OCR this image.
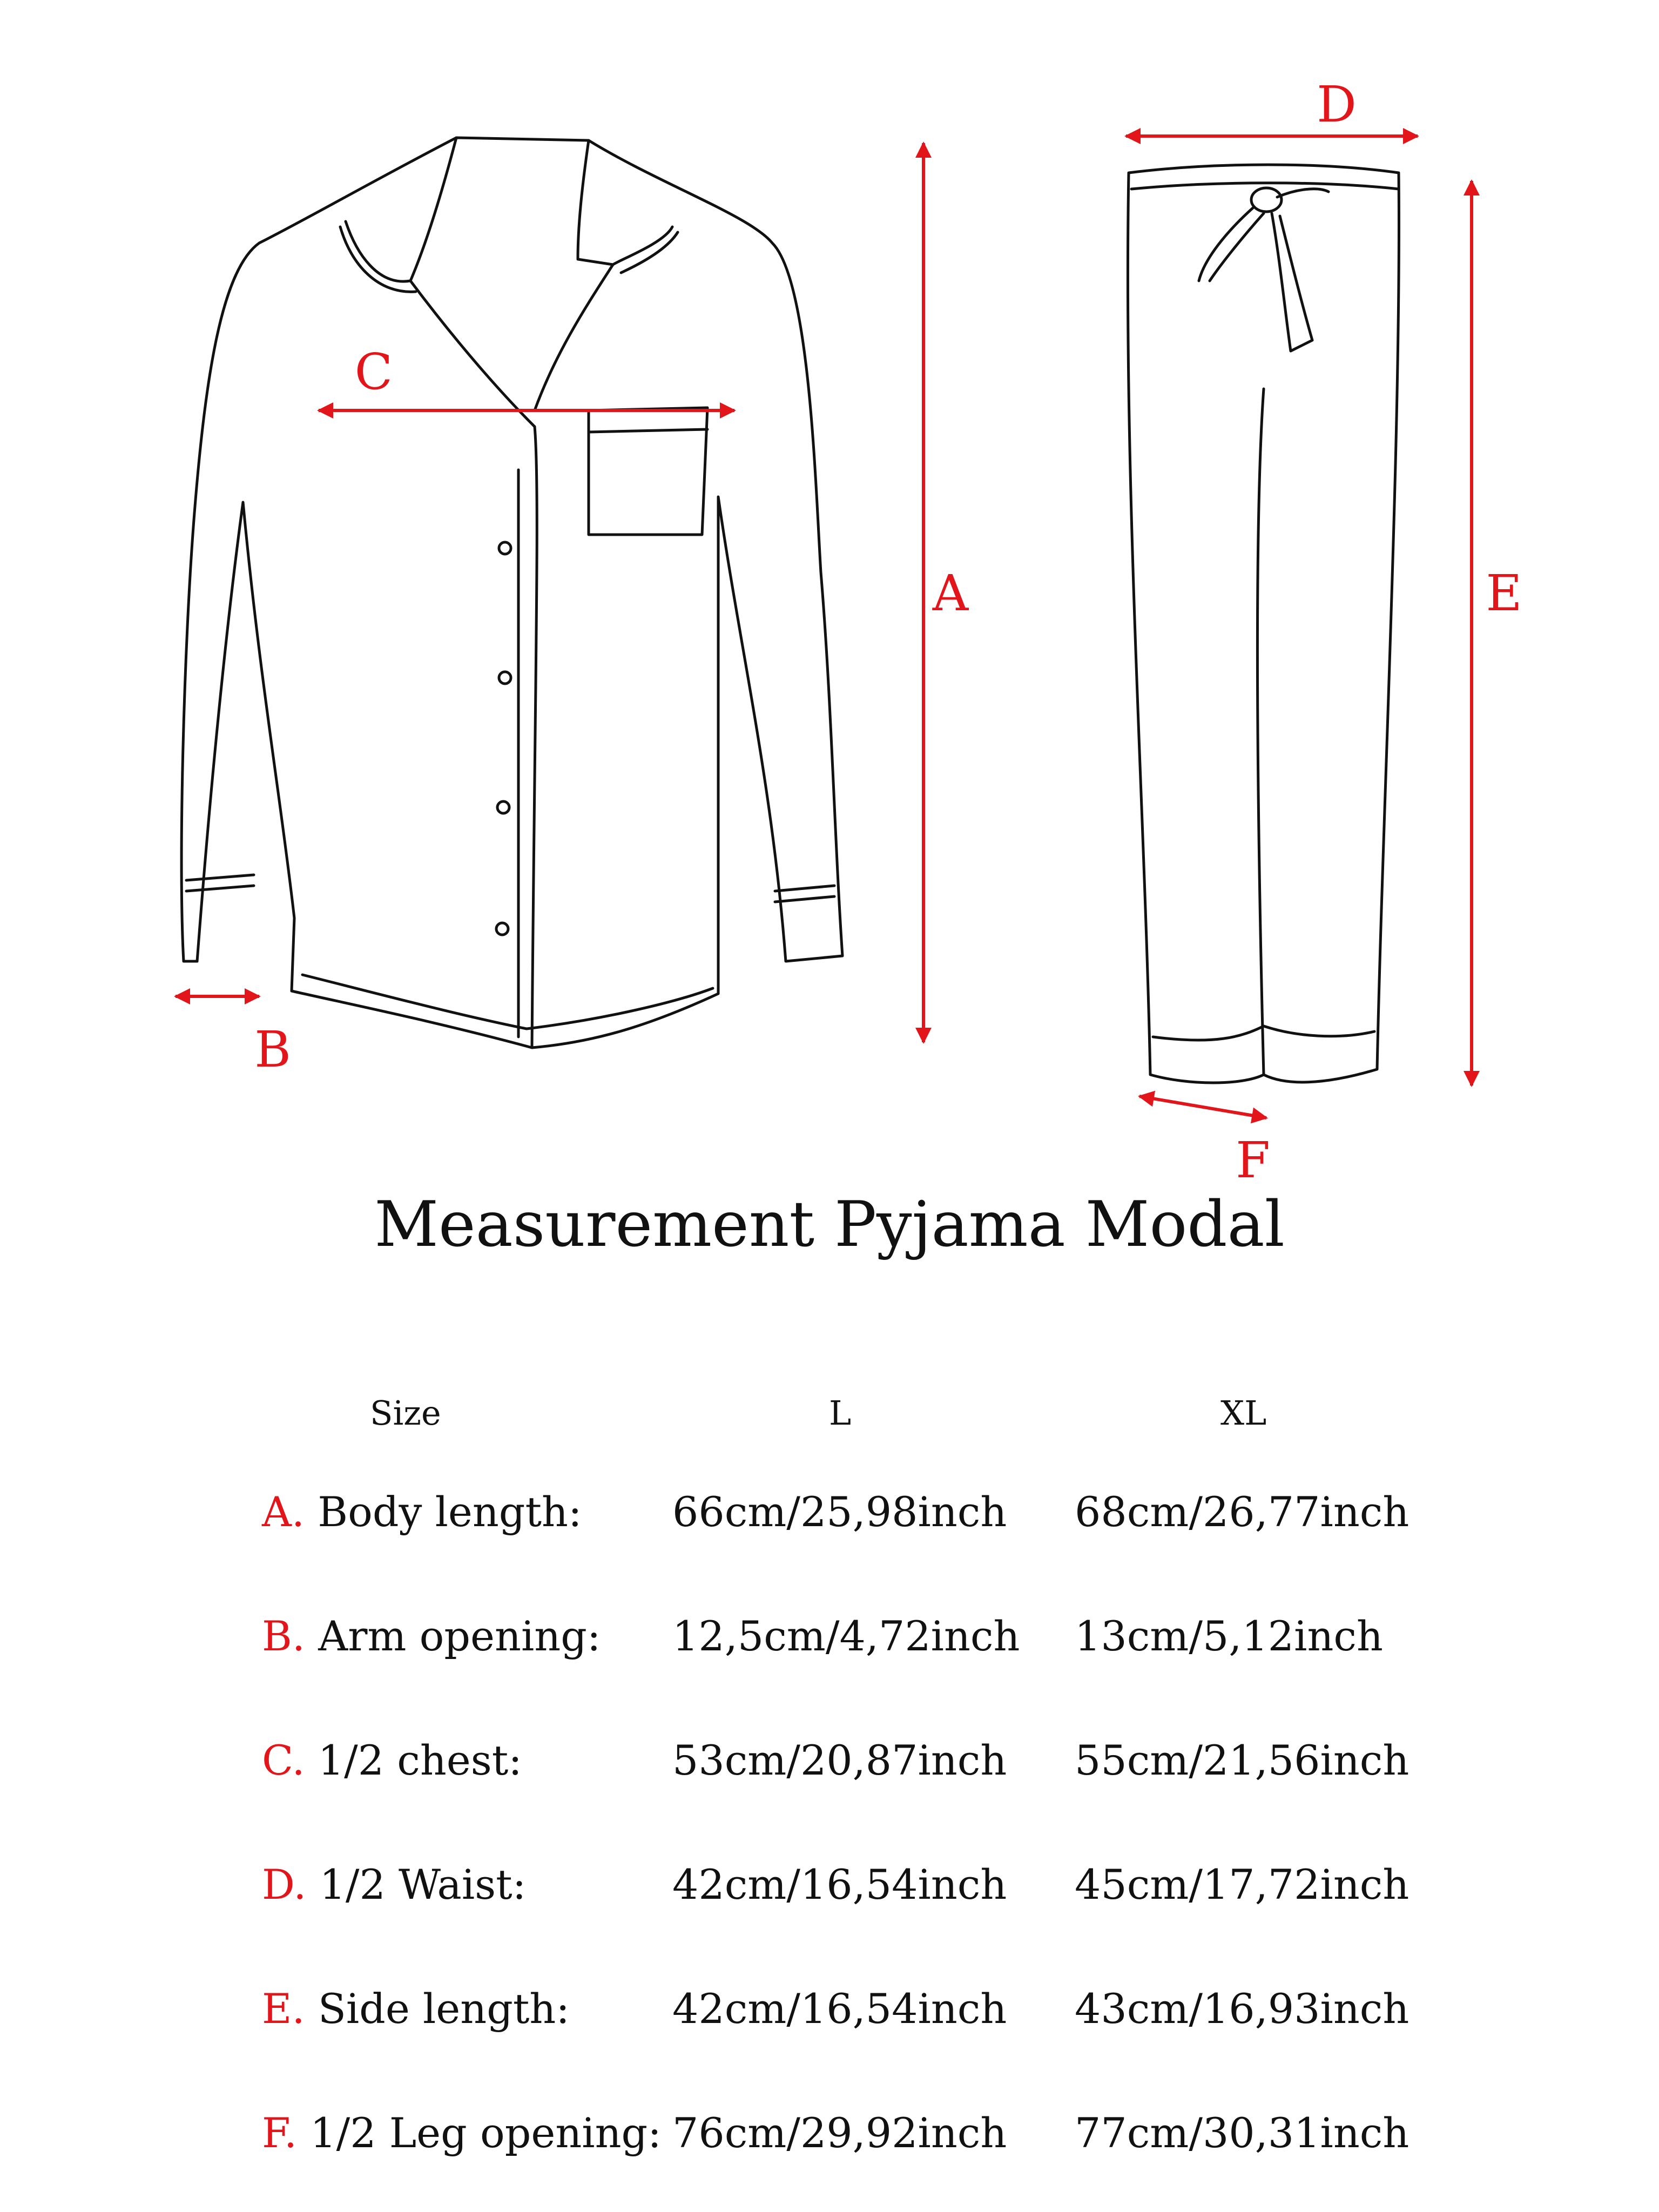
C
A
B
D
E
F
Measurement Pyjama Modal
Size	L	XL
A. Body length: 66cm/25,98inch 68cm/26,77inch
B. Arm opening: 12,5cm/4,72inch 13cm/5,12inch
C. 1/2 chest:	53cm/20,87inch 55cm/21,56inch
D. 1/2 Waist:	42cm/16,54inch 45cm/17,72inch
E. Side length:	42cm/16,54inch 43cm/16,93inch
F. 1/2 Leg opening: 76cm/29,92inch 77cm/30,31inch
